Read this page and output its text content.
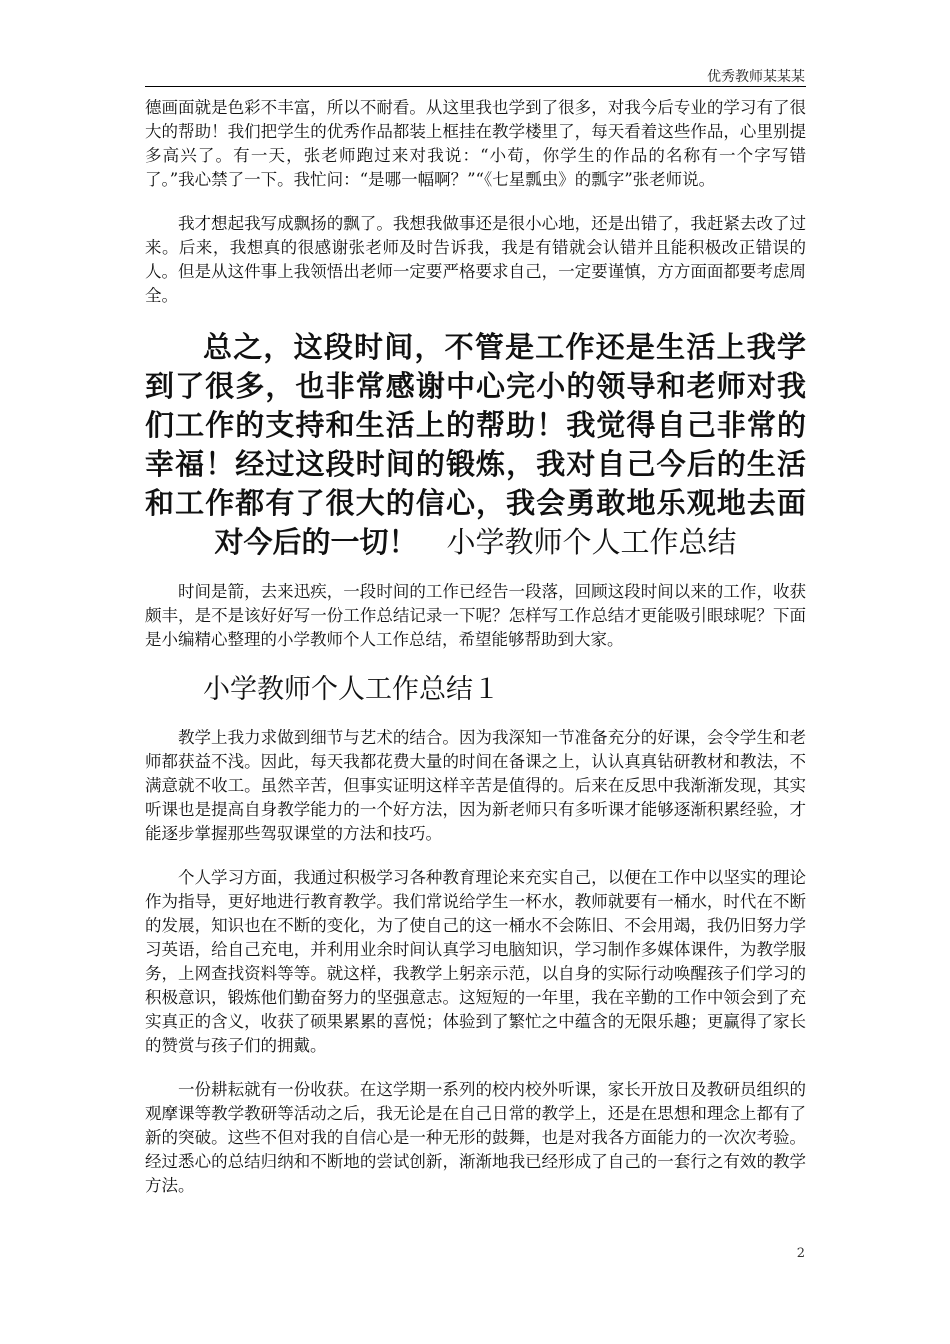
优秀教师某某某

德画面就是色彩不丰富，所以不耐看。从这里我也学到了很多，对我今后专业的学习有了很大的帮助！我们把学生的优秀作品都装上框挂在教学楼里了，每天看着这些作品，心里别提多高兴了。有一天，张老师跑过来对我说：“小荀，你学生的作品的名称有一个字写错了。”我心禁了一下。我忙问：“是哪一幅啊？”“《七星瓢虫》的瓢字”张老师说。

我才想起我写成飘扬的飘了。我想我做事还是很小心地，还是出错了，我赶紧去改了过来。后来，我想真的很感谢张老师及时告诉我，我是有错就会认错并且能积极改正错误的人。但是从这件事上我领悟出老师一定要严格要求自己，一定要谨慎，方方面面都要考虑周全。

总之，这段时间，不管是工作还是生活上我学到了很多，也非常感谢中心完小的领导和老师对我们工作的支持和生活上的帮助！我觉得自己非常的幸福！经过这段时间的锻炼，我对自己今后的生活和工作都有了很大的信心，我会勇敢地乐观地去面对今后的一切！　 小学教师个人工作总结

时间是箭，去来迅疾，一段时间的工作已经告一段落，回顾这段时间以来的工作，收获颇丰，是不是该好好写一份工作总结记录一下呢？怎样写工作总结才更能吸引眼球呢？下面是小编精心整理的小学教师个人工作总结，希望能够帮助到大家。

小学教师个人工作总结１

教学上我力求做到细节与艺术的结合。因为我深知一节准备充分的好课，会令学生和老师都获益不浅。因此，每天我都花费大量的时间在备课之上，认认真真钻研教材和教法，不满意就不收工。虽然辛苦，但事实证明这样辛苦是值得的。后来在反思中我渐渐发现，其实听课也是提高自身教学能力的一个好方法，因为新老师只有多听课才能够逐渐积累经验，才能逐步掌握那些驾驭课堂的方法和技巧。

个人学习方面，我通过积极学习各种教育理论来充实自己，以便在工作中以坚实的理论作为指导，更好地进行教育教学。我们常说给学生一杯水，教师就要有一桶水，时代在不断的发展，知识也在不断的变化，为了使自己的这一桶水不会陈旧、不会用竭，我仍旧努力学习英语，给自己充电，并利用业余时间认真学习电脑知识，学习制作多媒体课件，为教学服务，上网查找资料等等。就这样，我教学上躬亲示范，以自身的实际行动唤醒孩子们学习的积极意识，锻炼他们勤奋努力的坚强意志。这短短的一年里，我在辛勤的工作中领会到了充实真正的含义，收获了硕果累累的喜悦；体验到了繁忙之中蕴含的无限乐趣；更赢得了家长的赞赏与孩子们的拥戴。

一份耕耘就有一份收获。在这学期一系列的校内校外听课，家长开放日及教研员组织的观摩课等教学教研等活动之后，我无论是在自己日常的教学上，还是在思想和理念上都有了新的突破。这些不但对我的自信心是一种无形的鼓舞，也是对我各方面能力的一次次考验。经过悉心的总结归纳和不断地的尝试创新，渐渐地我已经形成了自己的一套行之有效的教学方法。

2
